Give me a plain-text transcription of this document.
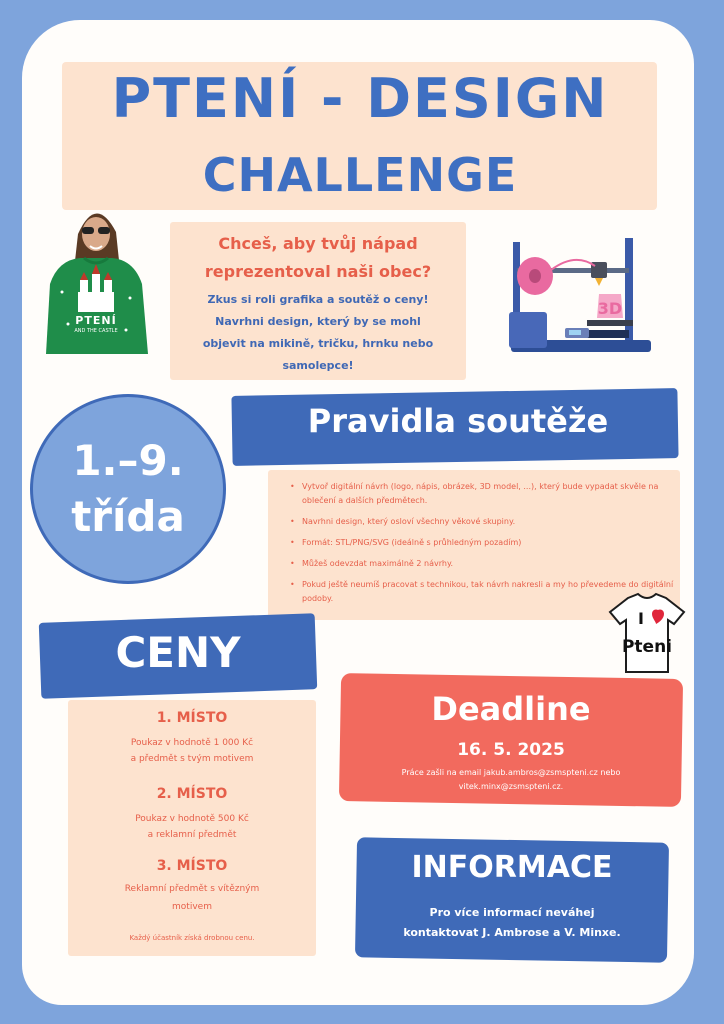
PTENÍ - DESIGN
CHALLENGE
PTENÍ
AND THE CASTLE
Chceš, aby tvůj nápad
reprezentoval naši obec?
Zkus si roli grafika a soutěž o ceny!
Navrhni design, který by se mohl
objevit na mikině, tričku, hrnku nebo
samolepce!
3D
1.–9.
třída
Pravidla soutěže
• Vytvoř digitální návrh (logo, nápis, obrázek, 3D model, ...), který bude vypadat skvěle na oblečení a dalších předmětech.
• Navrhni design, který osloví všechny věkové skupiny.
• Formát: STL/PNG/SVG (ideálně s průhledným pozadím)
• Můžeš odevzdat maximálně 2 návrhy.
• Pokud ještě neumíš pracovat s technikou, tak návrh nakresli a my ho převedeme do digitální podoby.
I
Pteni
CENY
1. MÍSTO
Poukaz v hodnotě 1 000 Kč
a předmět s tvým motivem
2. MÍSTO
Poukaz v hodnotě 500 Kč
a reklamní předmět
3. MÍSTO
Reklamní předmět s vítězným
motivem
Každý účastník získá drobnou cenu.
Deadline
16. 5. 2025
Práce zašli na email jakub.ambros@zsmspteni.cz nebo
vitek.minx@zsmspteni.cz.
INFORMACE
Pro více informací neváhej
kontaktovat J. Ambrose a V. Minxe.
